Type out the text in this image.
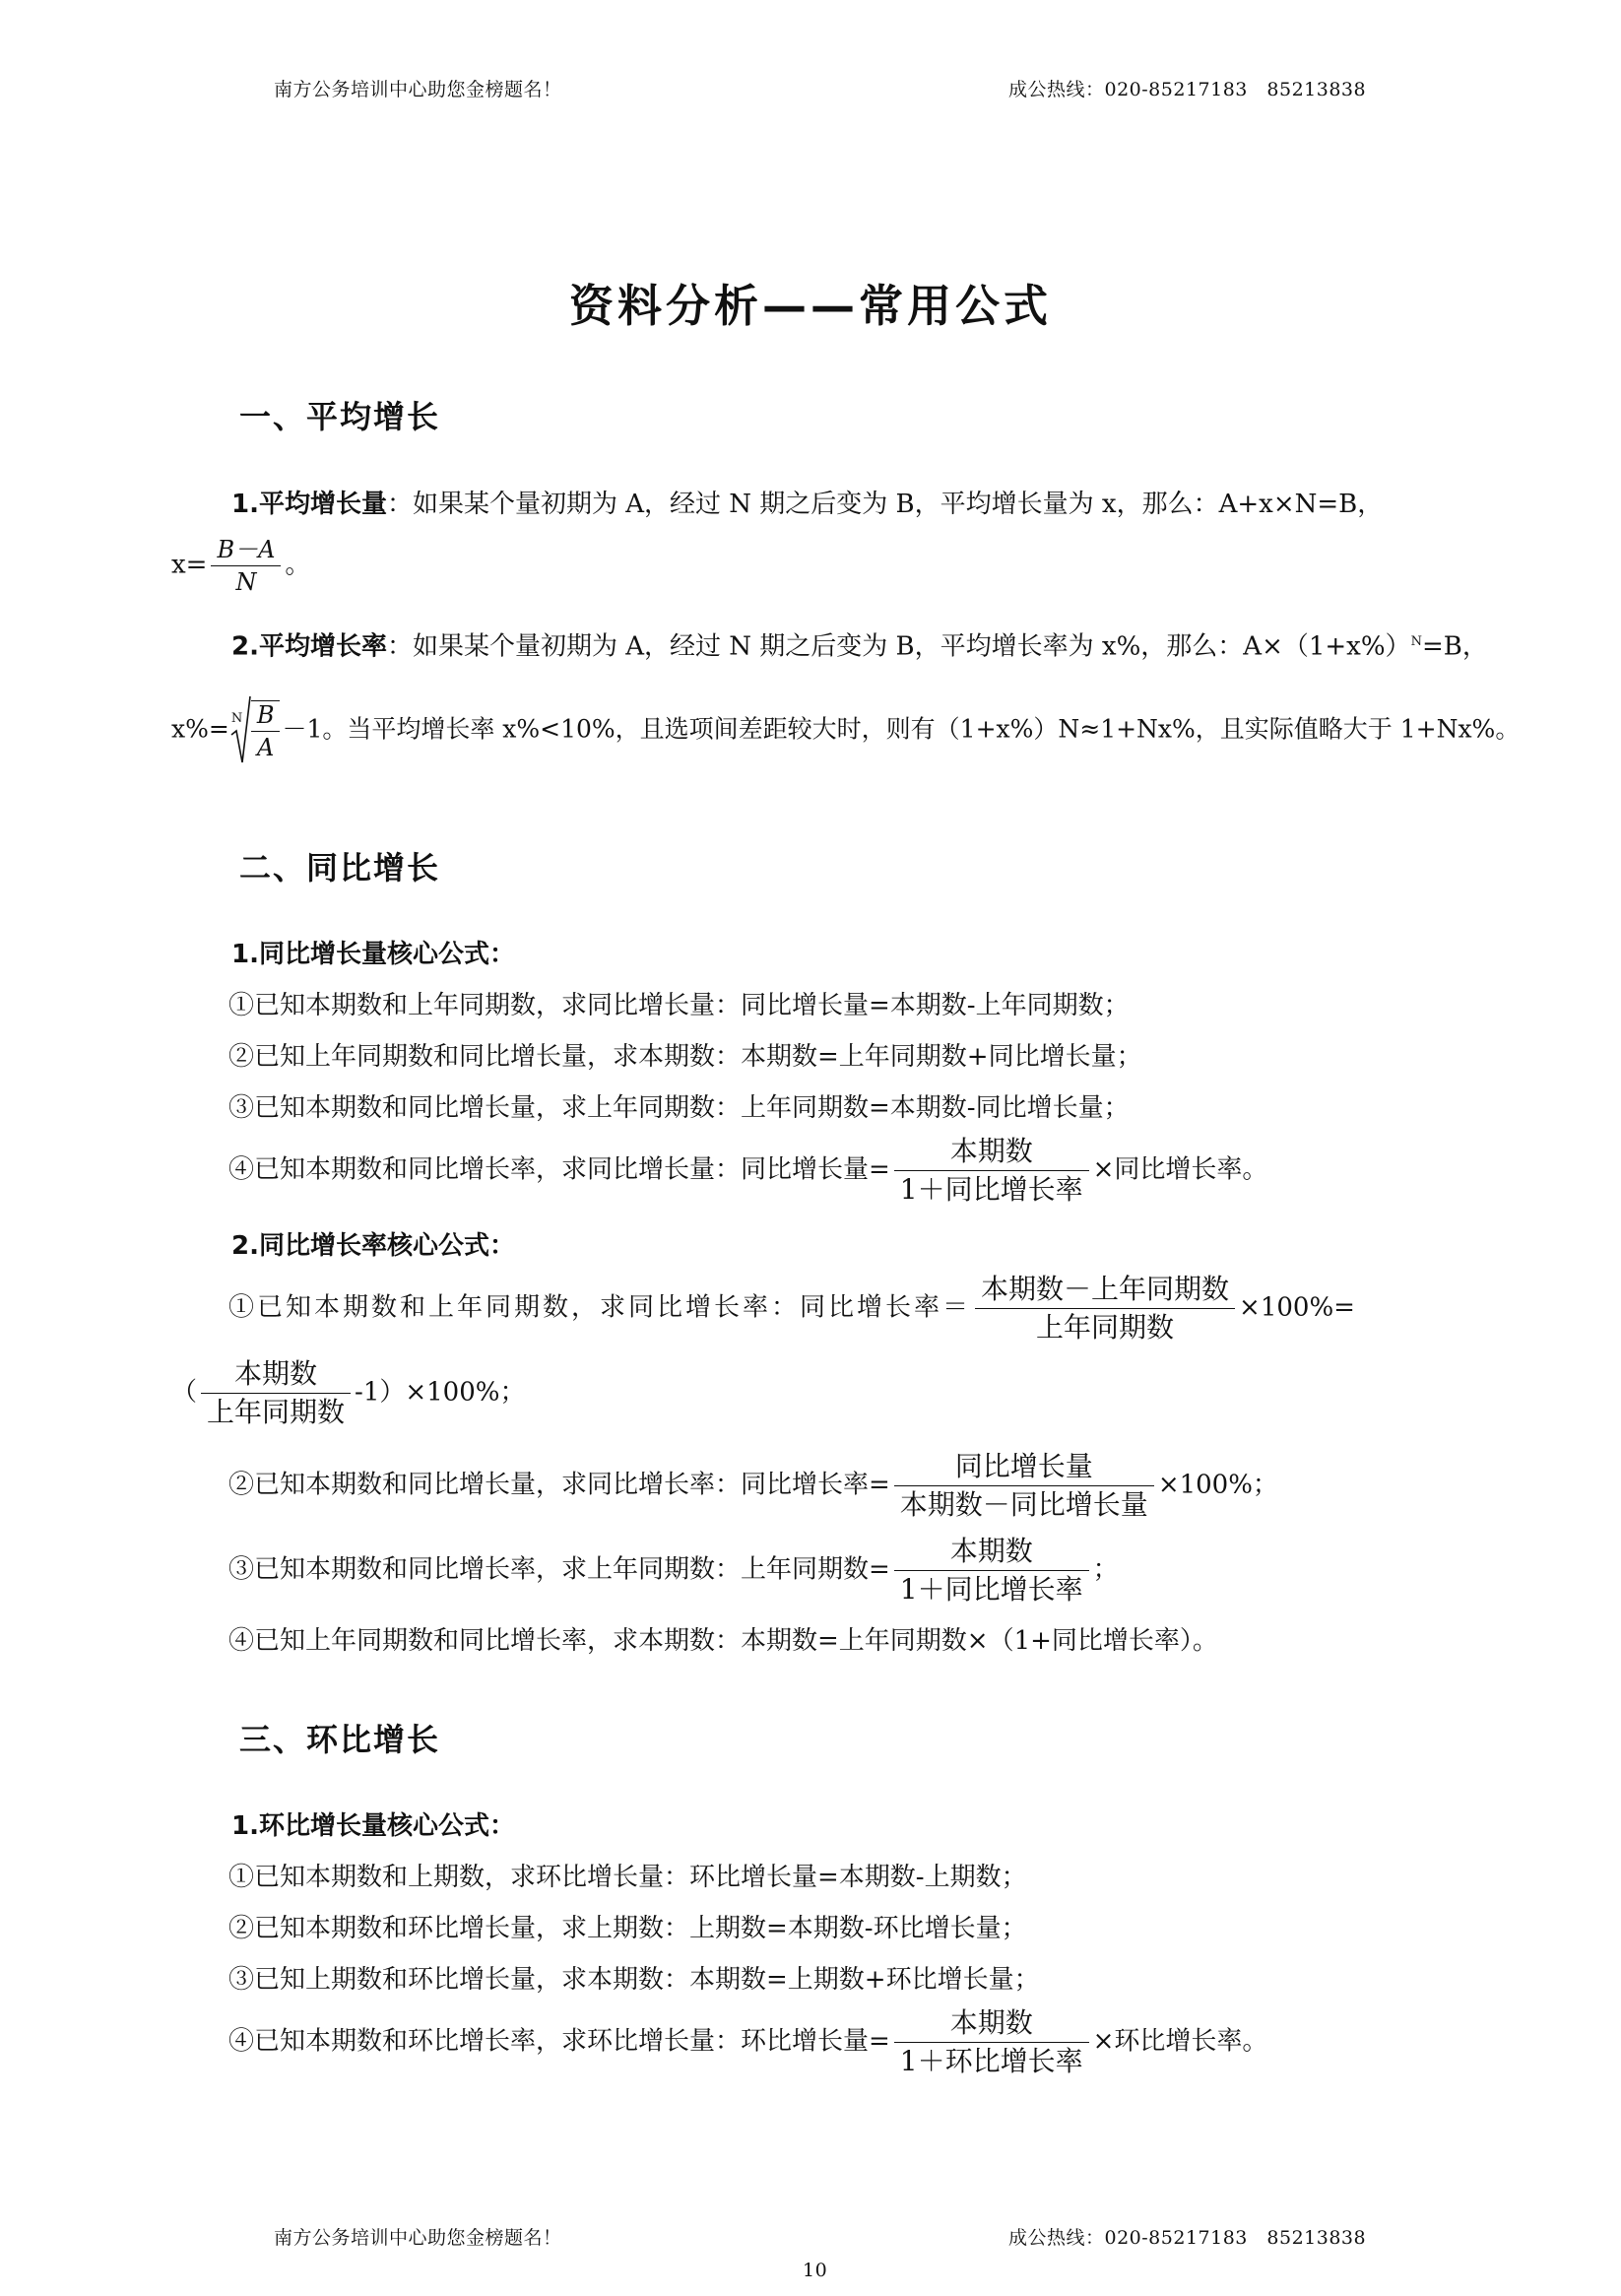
南方公务培训中心助您金榜题名！	成公热线：020-85217183　85213838
资料分析——常用公式
一、平均增长
1.平均增长量：如果某个量初期为 A，经过 N 期之后变为 B，平均增长量为 x，那么：A+x×N=B，
$x= \frac{B-A}{N}$ 。
2.平均增长率：如果某个量初期为 A，经过 N 期之后变为 B，平均增长率为 x%，那么：$A\times(1+x\%)^N=B$，
x%= N $\frac{B}{A} -1$。当平均增长率 x%<10%，且选项间差距较大时，则有（1+x%）N≈1+Nx%，且实际值略大于 1+Nx%。
二、同比增长
1.同比增长量核心公式：
①已知本期数和上年同期数，求同比增长量：同比增长量=本期数-上年同期数；
②已知上年同期数和同比增长量，求本期数：本期数=上年同期数+同比增长量；
③已知本期数和同比增长量，求上年同期数：上年同期数=本期数-同比增长量；
④已知本期数和同比增长率，求同比增长量：同比增长量= $\frac{\text{本期数}}{\text{1＋同比增长率}}$ ×同比增长率。
2.同比增长率核心公式：
①已知本期数和上年同期数，求同比增长率：同比增长率＝ $\frac{\text{本期数－上年同期数}}{\text{上年同期数}} \times 100\%=$
（ $\frac{\text{本期数}}{\text{上年同期数}} -1)\times 100\%$；
②已知本期数和同比增长量，求同比增长率：同比增长率= $\frac{\text{同比增长量}}{\text{本期数－同比增长量}} \times 100\%$；
③已知本期数和同比增长率，求上年同期数：上年同期数= $\frac{\text{本期数}}{\text{1＋同比增长率}}$ ；
④已知上年同期数和同比增长率，求本期数：本期数=上年同期数×（1+同比增长率）。
三、环比增长
1.环比增长量核心公式：
①已知本期数和上期数，求环比增长量：环比增长量=本期数-上期数；
②已知本期数和环比增长量，求上期数：上期数=本期数-环比增长量；
③已知上期数和环比增长量，求本期数：本期数=上期数+环比增长量；
④已知本期数和环比增长率，求环比增长量：环比增长量= $\frac{\text{本期数}}{\text{1＋环比增长率}}$ ×环比增长率。
南方公务培训中心助您金榜题名！	成公热线：020-85217183　85213838
10
